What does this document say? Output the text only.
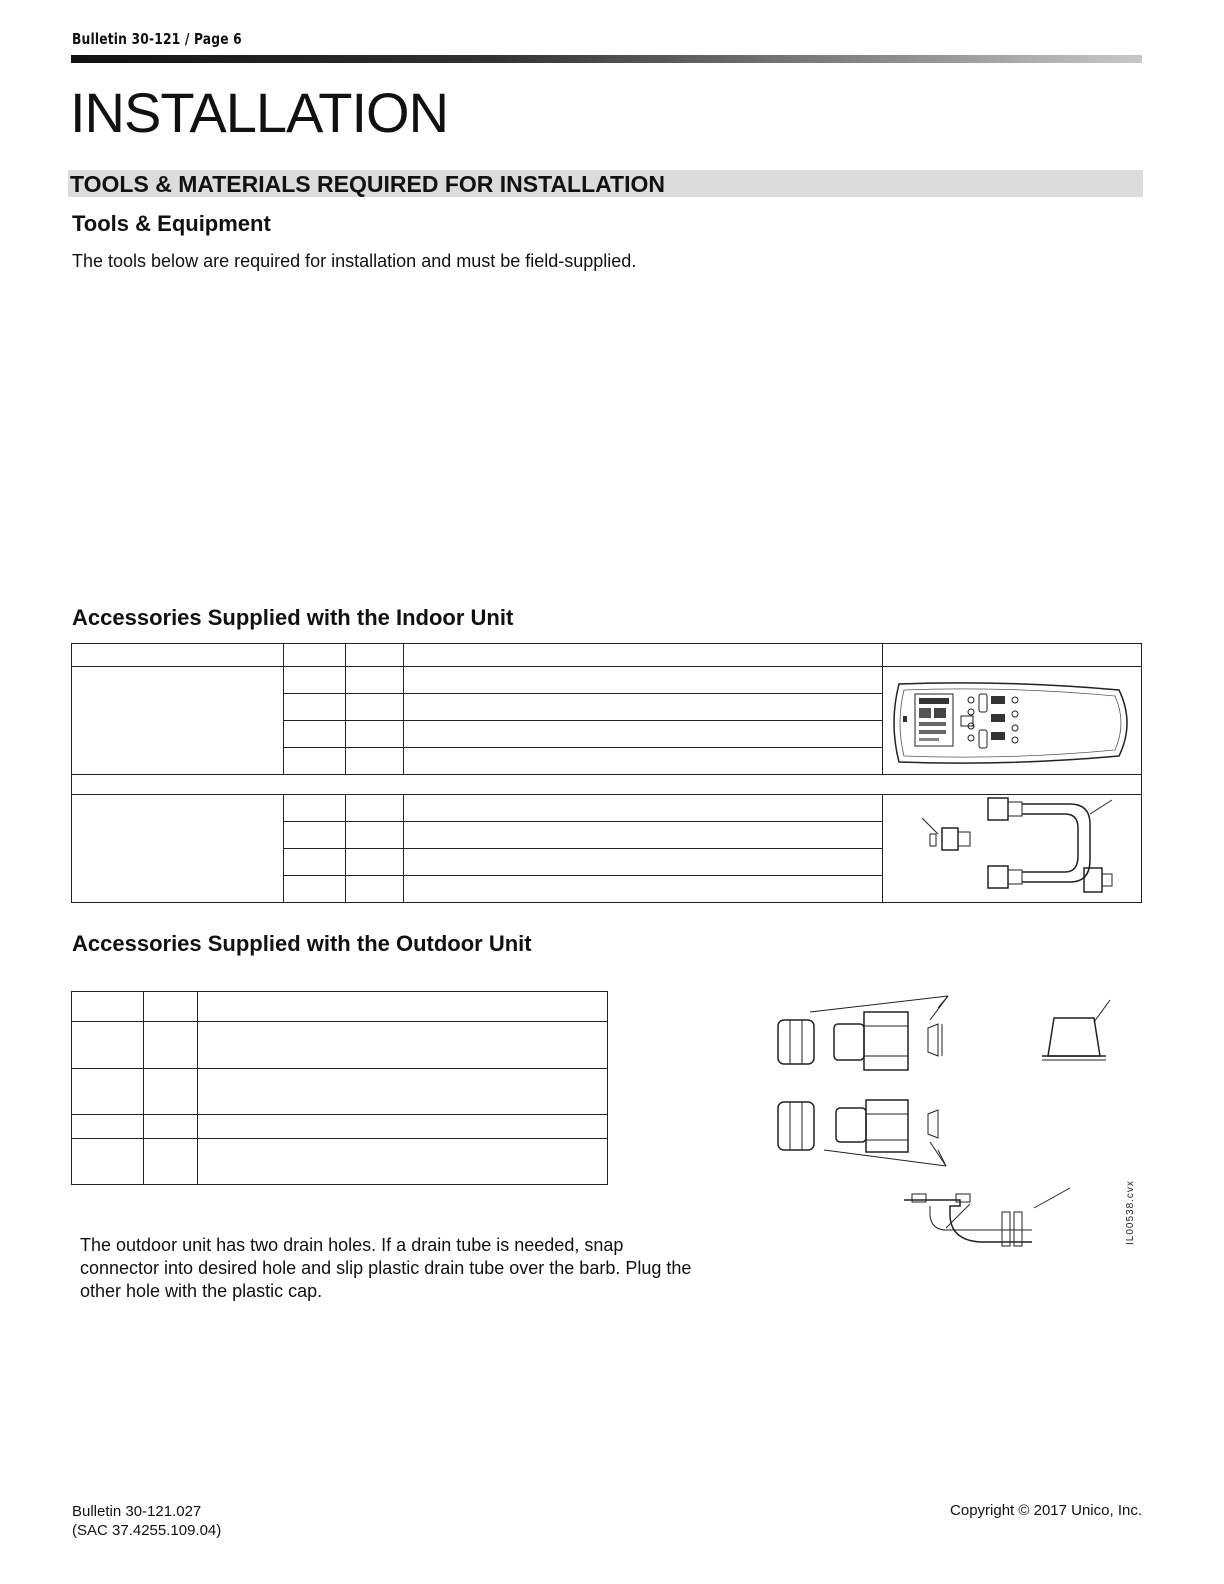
Bulletin 30-121 / Page 6
INSTALLATION
TOOLS & MATERIALS REQUIRED FOR INSTALLATION
Tools & Equipment
The tools below are required for installation and must be field-supplied.
Accessories Supplied with the Indoor Unit

Accessories Supplied with the Outdoor Unit

IL00538.cvx
The outdoor unit has two drain holes. If a drain tube is needed, snap
connector into desired hole and slip plastic drain tube over the barb. Plug the
other hole with the plastic cap.
Bulletin 30-121.027
(SAC 37.4255.109.04)
Copyright © 2017 Unico, Inc.
